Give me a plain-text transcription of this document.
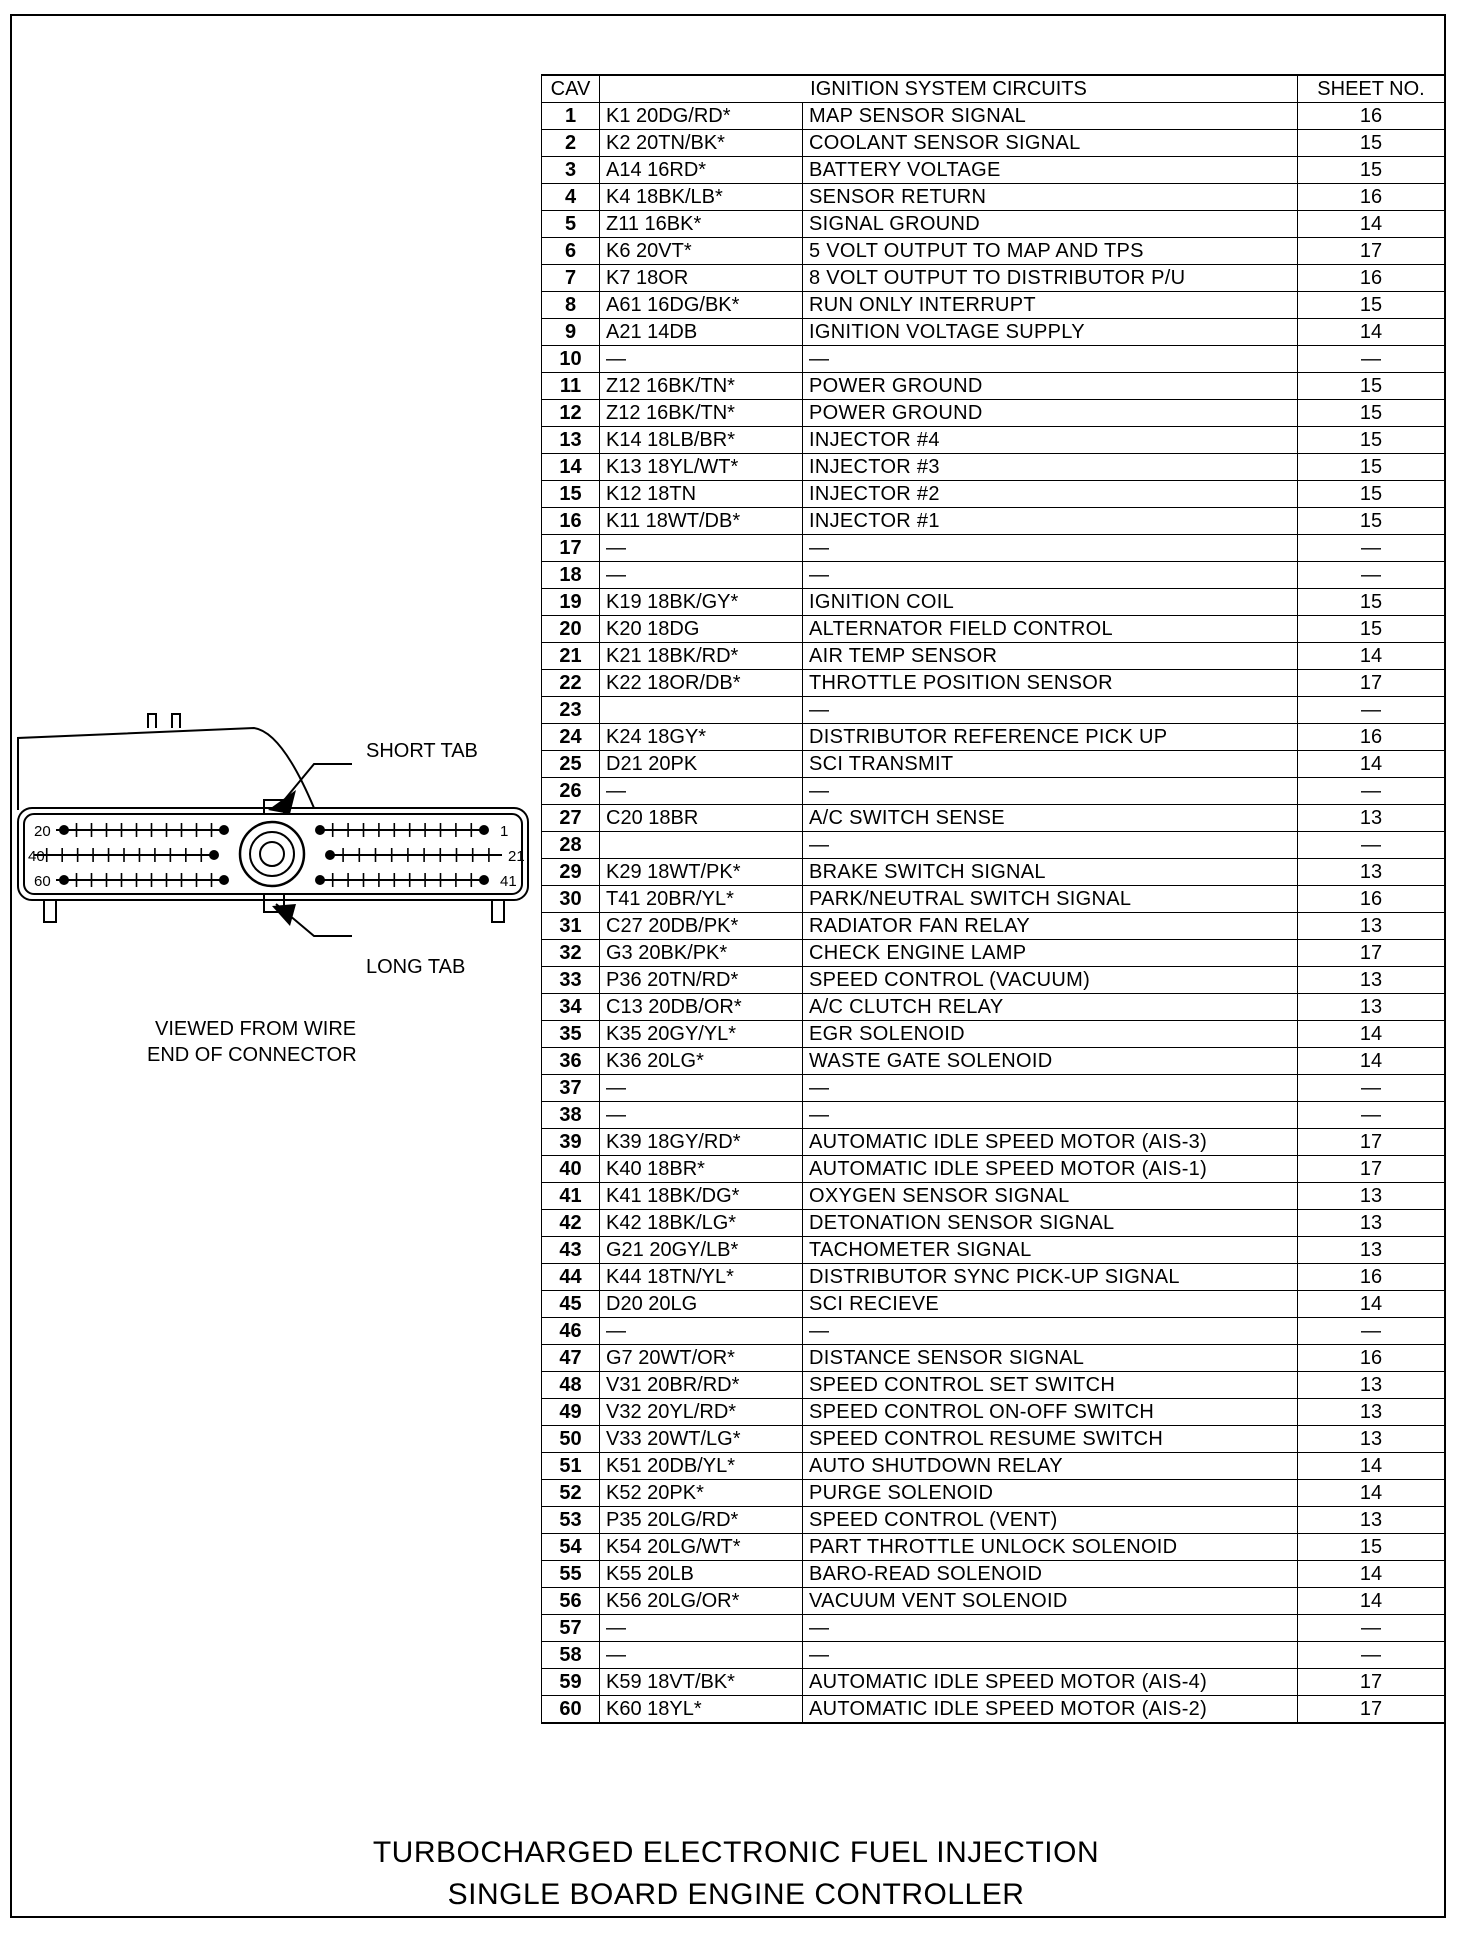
CAV	IGNITION SYSTEM CIRCUITS		SHEET NO.
1	K1 20DG/RD*	MAP SENSOR SIGNAL	16
2	K2 20TN/BK*	COOLANT SENSOR SIGNAL	15
3	A14 16RD*	BATTERY VOLTAGE	15
4	K4 18BK/LB*	SENSOR RETURN	16
5	Z11 16BK*	SIGNAL GROUND	14
6	K6 20VT*	5 VOLT OUTPUT TO MAP AND TPS	17
7	K7 18OR	8 VOLT OUTPUT TO DISTRIBUTOR P/U	16
8	A61 16DG/BK*	RUN ONLY INTERRUPT	15
9	A21 14DB	IGNITION VOLTAGE SUPPLY	14
10	—	—	—
11	Z12 16BK/TN*	POWER GROUND	15
12	Z12 16BK/TN*	POWER GROUND	15
13	K14 18LB/BR*	INJECTOR #4	15
14	K13 18YL/WT*	INJECTOR #3	15
15	K12 18TN	INJECTOR #2	15
16	K11 18WT/DB*	INJECTOR #1	15
17	—	—	—
18	—	—	—
19	K19 18BK/GY*	IGNITION COIL	15
20	K20 18DG	ALTERNATOR FIELD CONTROL	15
21	K21 18BK/RD*	AIR TEMP SENSOR	14
22	K22 18OR/DB*	THROTTLE POSITION SENSOR	17
23		—	—
24	K24 18GY*	DISTRIBUTOR REFERENCE PICK UP	16
25	D21 20PK	SCI TRANSMIT	14
26	—	—	—
27	C20 18BR	A/C SWITCH SENSE	13
28		—	—
29	K29 18WT/PK*	BRAKE SWITCH SIGNAL	13
30	T41 20BR/YL*	PARK/NEUTRAL SWITCH SIGNAL	16
31	C27 20DB/PK*	RADIATOR FAN RELAY	13
32	G3 20BK/PK*	CHECK ENGINE LAMP	17
33	P36 20TN/RD*	SPEED CONTROL (VACUUM)	13
34	C13 20DB/OR*	A/C CLUTCH RELAY	13
35	K35 20GY/YL*	EGR SOLENOID	14
36	K36 20LG*	WASTE GATE SOLENOID	14
37	—	—	—
38	—	—	—
39	K39 18GY/RD*	AUTOMATIC IDLE SPEED MOTOR (AIS-3)	17
40	K40 18BR*	AUTOMATIC IDLE SPEED MOTOR (AIS-1)	17
41	K41 18BK/DG*	OXYGEN SENSOR SIGNAL	13
42	K42 18BK/LG*	DETONATION SENSOR SIGNAL	13
43	G21 20GY/LB*	TACHOMETER SIGNAL	13
44	K44 18TN/YL*	DISTRIBUTOR SYNC PICK-UP SIGNAL	16
45	D20 20LG	SCI RECIEVE	14
46	—	—	—
47	G7 20WT/OR*	DISTANCE SENSOR SIGNAL	16
48	V31 20BR/RD*	SPEED CONTROL SET SWITCH	13
49	V32 20YL/RD*	SPEED CONTROL ON-OFF SWITCH	13
50	V33 20WT/LG*	SPEED CONTROL RESUME SWITCH	13
51	K51 20DB/YL*	AUTO SHUTDOWN RELAY	14
52	K52 20PK*	PURGE SOLENOID	14
53	P35 20LG/RD*	SPEED CONTROL (VENT)	13
54	K54 20LG/WT*	PART THROTTLE UNLOCK SOLENOID	15
55	K55 20LB	BARO-READ SOLENOID	14
56	K56 20LG/OR*	VACUUM VENT SOLENOID	14
57	—	—	—
58	—	—	—
59	K59 18VT/BK*	AUTOMATIC IDLE SPEED MOTOR (AIS-4)	17
60	K60 18YL*	AUTOMATIC IDLE SPEED MOTOR (AIS-2)	17
20
40
60
1
21
41
SHORT TAB
LONG TAB
VIEWED FROM WIRE
END OF CONNECTOR
TURBOCHARGED ELECTRONIC FUEL INJECTION
SINGLE BOARD ENGINE CONTROLLER
